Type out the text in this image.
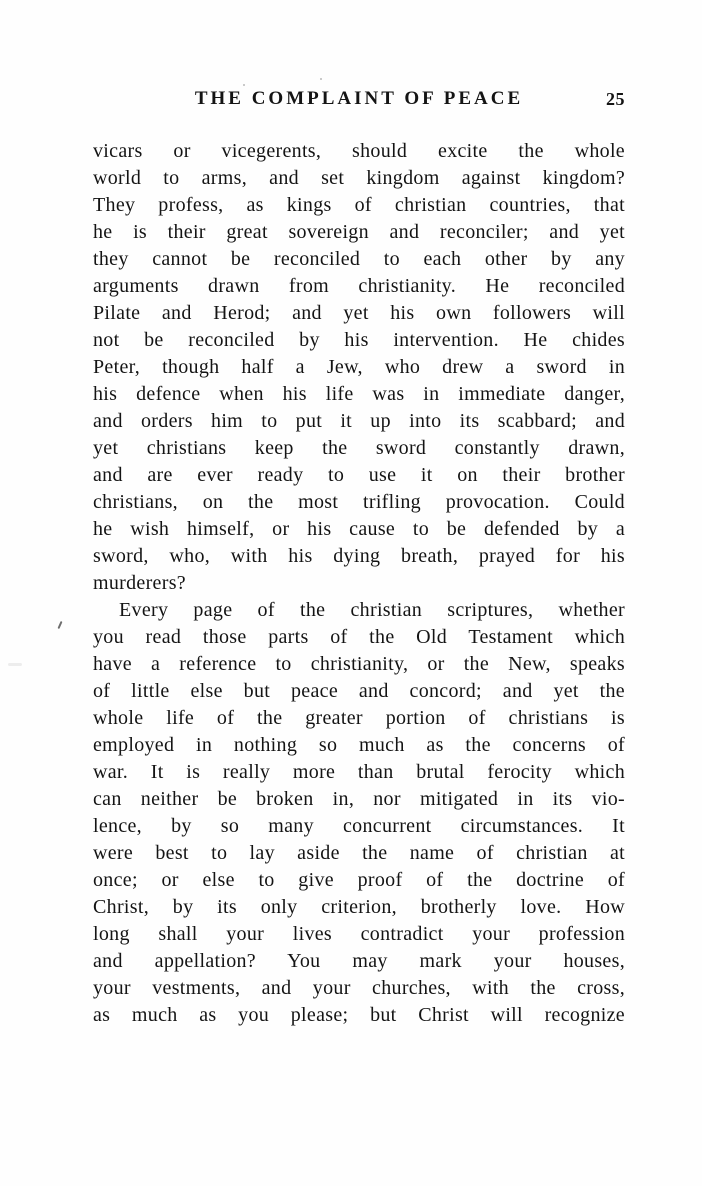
THE COMPLAINT OF PEACE	25
vicars or vicegerents, should excite the whole
world to arms, and set kingdom against kingdom?
They profess, as kings of christian countries, that
he is their great sovereign and reconciler; and yet
they cannot be reconciled to each other by any
arguments drawn from christianity. He reconciled
Pilate and Herod; and yet his own followers will
not be reconciled by his intervention. He chides
Peter, though half a Jew, who drew a sword in
his defence when his life was in immediate danger,
and orders him to put it up into its scabbard; and
yet christians keep the sword constantly drawn,
and are ever ready to use it on their brother
christians, on the most trifling provocation. Could
he wish himself, or his cause to be defended by a
sword, who, with his dying breath, prayed for his
murderers?
Every page of the christian scriptures, whether
you read those parts of the Old Testament which
have a reference to christianity, or the New, speaks
of little else but peace and concord; and yet the
whole life of the greater portion of christians is
employed in nothing so much as the concerns of
war. It is really more than brutal ferocity which
can neither be broken in, nor mitigated in its vio-
lence, by so many concurrent circumstances. It
were best to lay aside the name of christian at
once; or else to give proof of the doctrine of
Christ, by its only criterion, brotherly love. How
long shall your lives contradict your profession
and appellation? You may mark your houses,
your vestments, and your churches, with the cross,
as much as you please; but Christ will recognize
